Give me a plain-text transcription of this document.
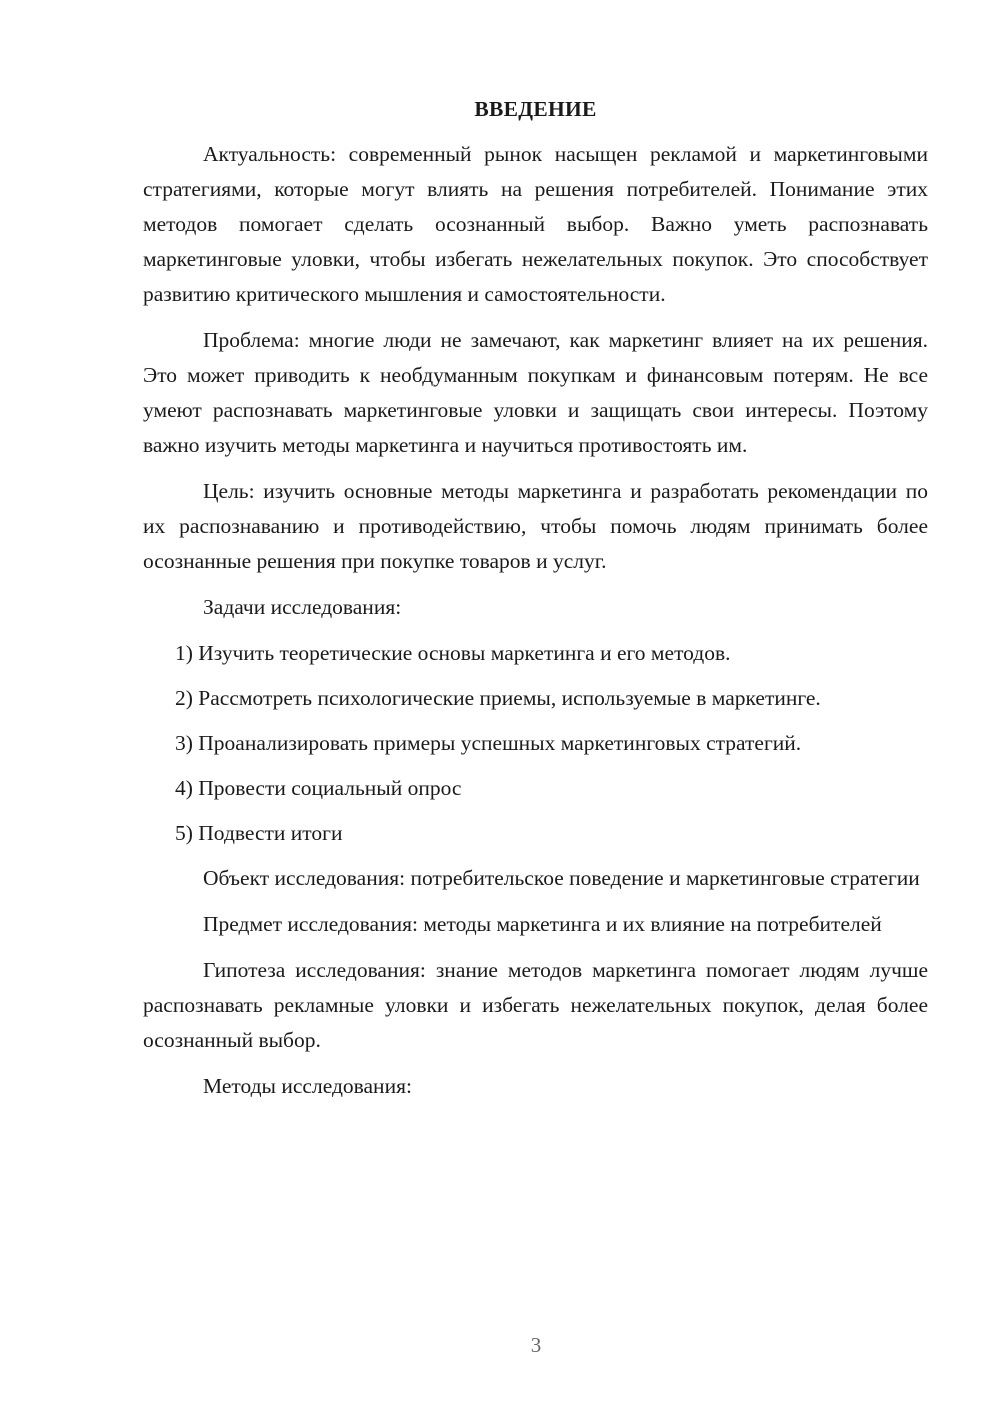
ВВЕДЕНИЕ

Актуальность: современный рынок насыщен рекламой и маркетинговыми стратегиями, которые могут влиять на решения потребителей. Понимание этих методов помогает сделать осознанный выбор. Важно уметь распознавать маркетинговые уловки, чтобы избегать нежелательных покупок. Это способствует развитию критического мышления и самостоятельности.

Проблема: многие люди не замечают, как маркетинг влияет на их решения. Это может приводить к необдуманным покупкам и финансовым потерям. Не все умеют распознавать маркетинговые уловки и защищать свои интересы. Поэтому важно изучить методы маркетинга и научиться противостоять им.

Цель: изучить основные методы маркетинга и разработать рекомендации по их распознаванию и противодействию, чтобы помочь людям принимать более осознанные решения при покупке товаров и услуг.

Задачи исследования:

1) Изучить теоретические основы маркетинга и его методов.
2) Рассмотреть психологические приемы, используемые в маркетинге.
3) Проанализировать примеры успешных маркетинговых стратегий.
4) Провести социальный опрос
5) Подвести итоги

Объект исследования: потребительское поведение и маркетинговые стратегии

Предмет исследования: методы маркетинга и их влияние на потребителей

Гипотеза исследования: знание методов маркетинга помогает людям лучше распознавать рекламные уловки и избегать нежелательных покупок, делая более осознанный выбор.

Методы исследования:

3
